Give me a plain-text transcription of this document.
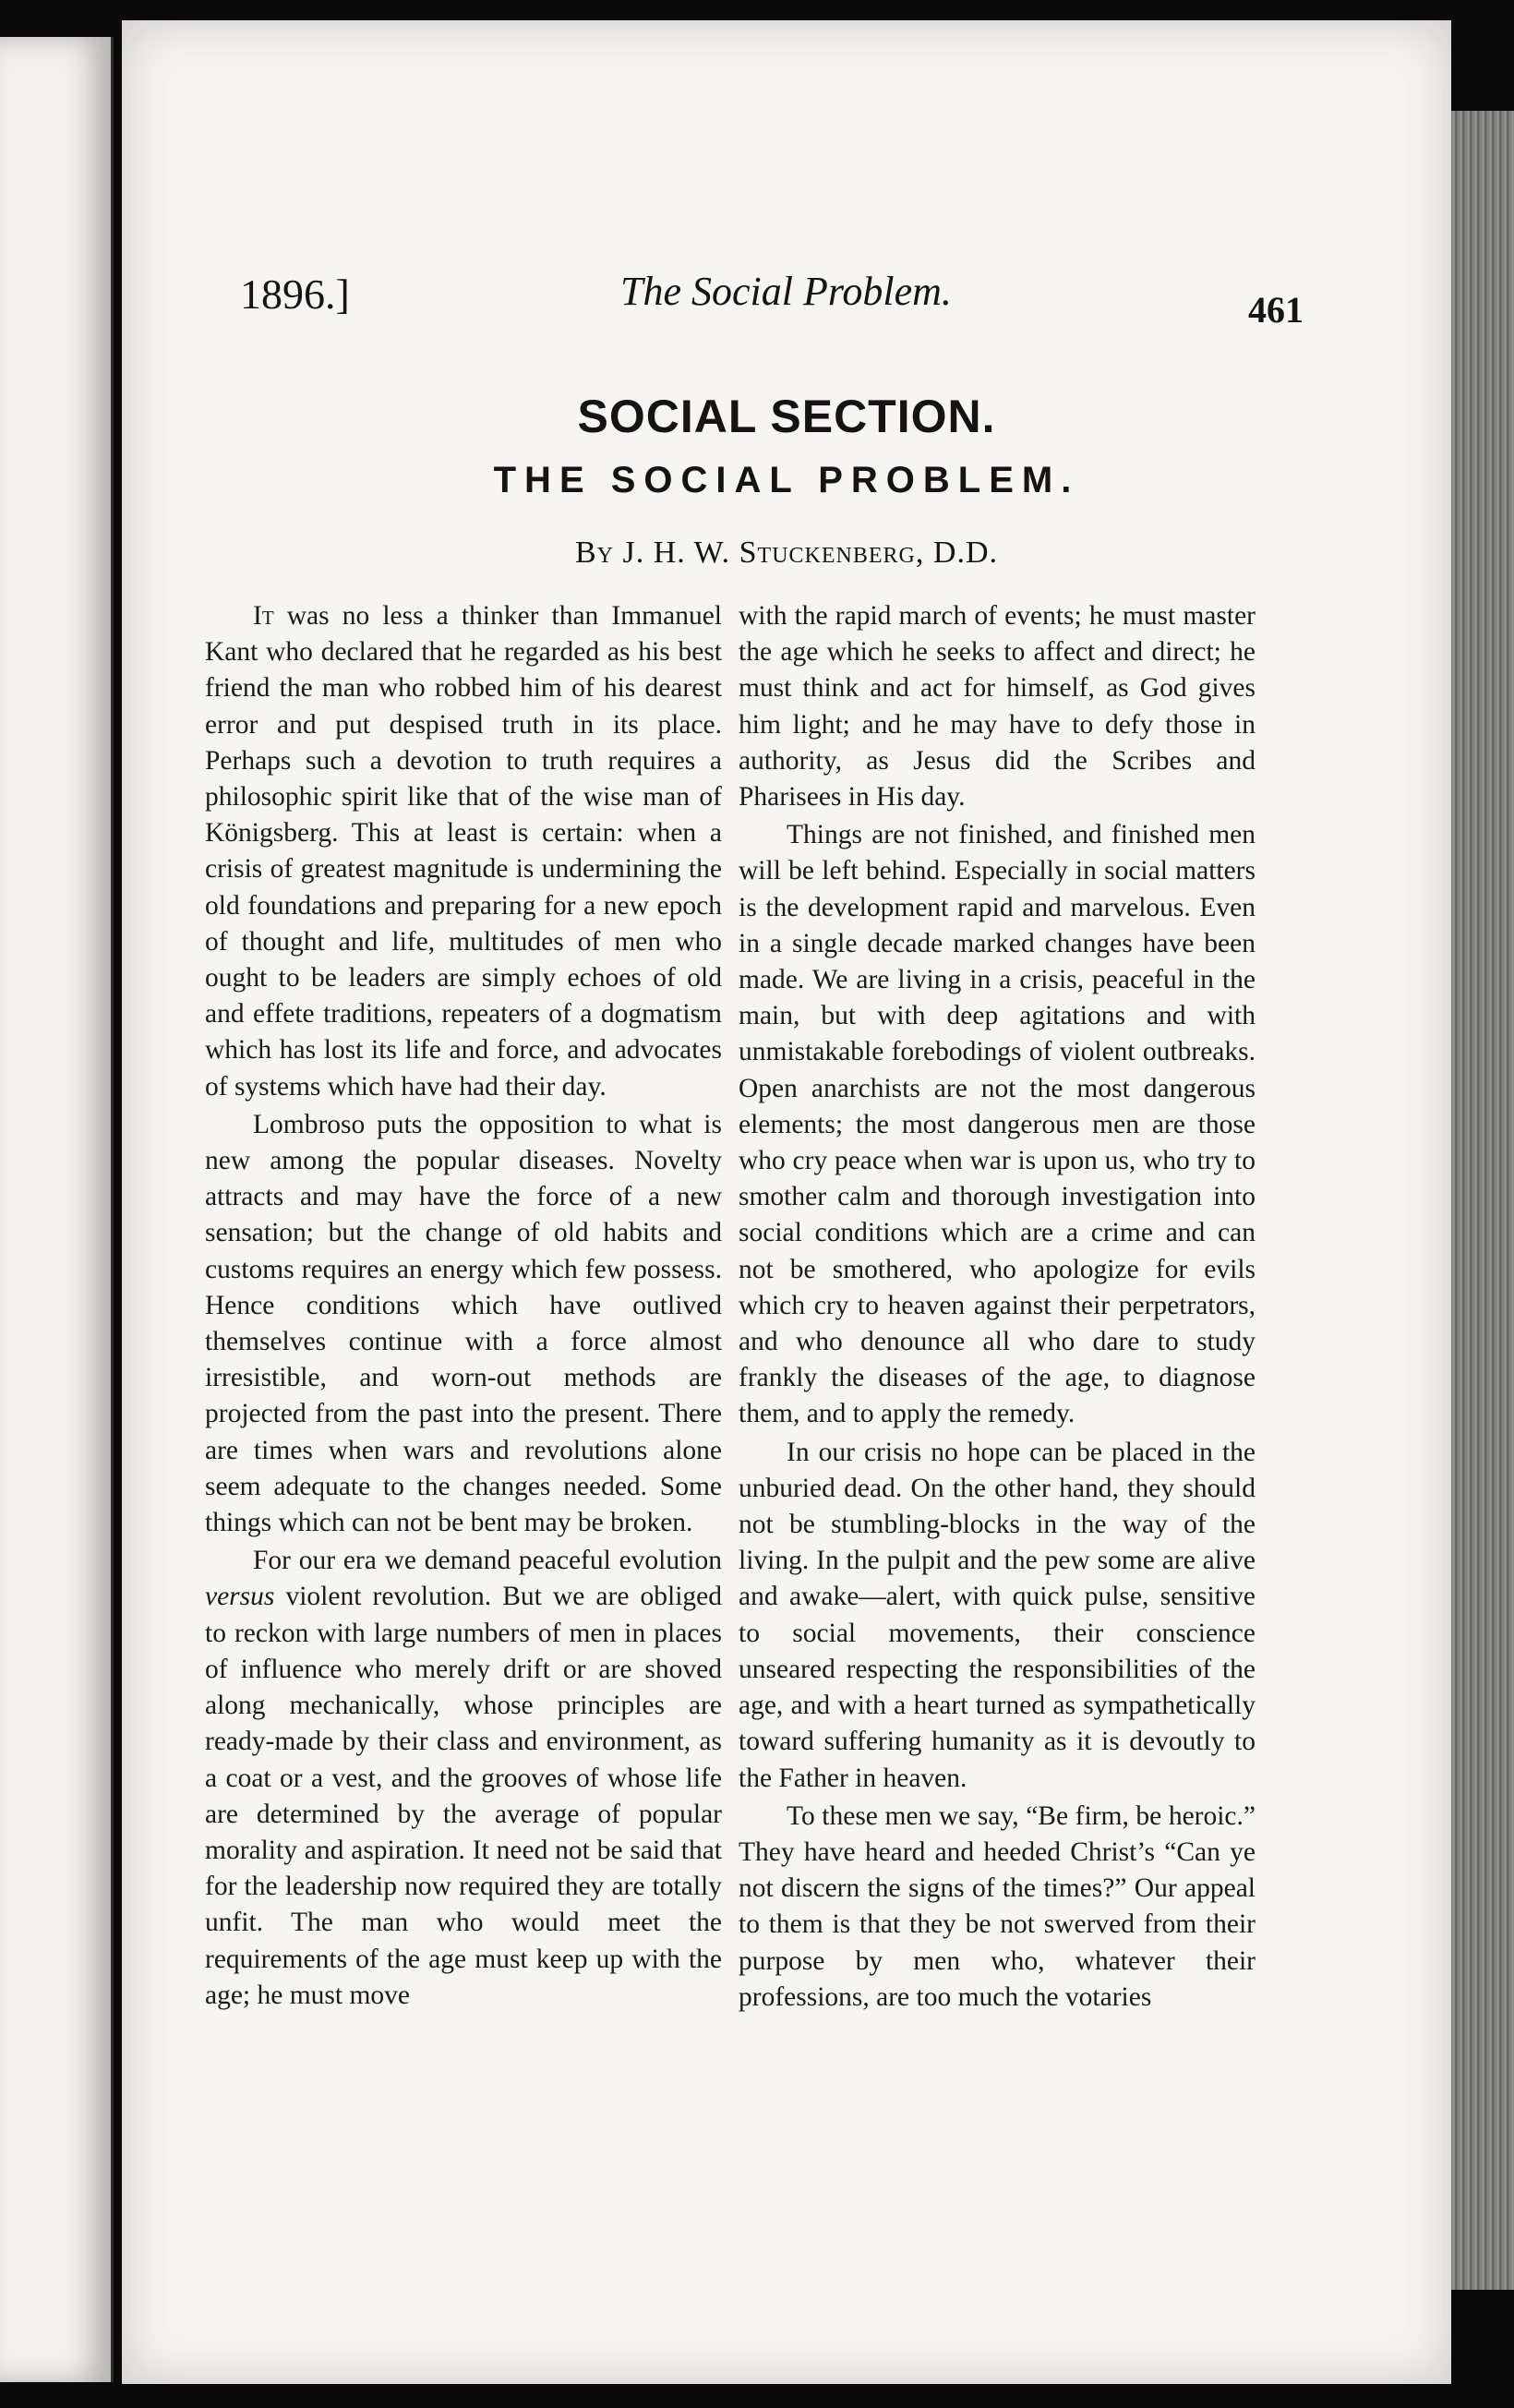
1896.]	The Social Problem.	461
SOCIAL SECTION.
THE SOCIAL PROBLEM.
By J. H. W. Stuckenberg, D.D.

It was no less a thinker than Immanuel Kant who declared that he regarded as his best friend the man who robbed him of his dearest error and put despised truth in its place. Perhaps such a devotion to truth requires a philosophic spirit like that of the wise man of Königsberg. This at least is certain: when a crisis of greatest magnitude is undermining the old foundations and preparing for a new epoch of thought and life, multitudes of men who ought to be leaders are simply echoes of old and effete traditions, repeaters of a dogmatism which has lost its life and force, and advocates of systems which have had their day.

Lombroso puts the opposition to what is new among the popular diseases. Novelty attracts and may have the force of a new sensation; but the change of old habits and customs requires an energy which few possess. Hence conditions which have outlived themselves continue with a force almost irresistible, and worn-out methods are projected from the past into the present. There are times when wars and revolutions alone seem adequate to the changes needed. Some things which can not be bent may be broken.

For our era we demand peaceful evolution versus violent revolution. But we are obliged to reckon with large numbers of men in places of influence who merely drift or are shoved along mechanically, whose principles are ready-made by their class and environment, as a coat or a vest, and the grooves of whose life are determined by the average of popular morality and aspiration. It need not be said that for the leadership now required they are totally unfit. The man who would meet the requirements of the age must keep up with the age; he must move

with the rapid march of events; he must master the age which he seeks to affect and direct; he must think and act for himself, as God gives him light; and he may have to defy those in authority, as Jesus did the Scribes and Pharisees in His day.

Things are not finished, and finished men will be left behind. Especially in social matters is the development rapid and marvelous. Even in a single decade marked changes have been made. We are living in a crisis, peaceful in the main, but with deep agitations and with unmistakable forebodings of violent outbreaks. Open anarchists are not the most dangerous elements; the most dangerous men are those who cry peace when war is upon us, who try to smother calm and thorough investigation into social conditions which are a crime and can not be smothered, who apologize for evils which cry to heaven against their perpetrators, and who denounce all who dare to study frankly the diseases of the age, to diagnose them, and to apply the remedy.

In our crisis no hope can be placed in the unburied dead. On the other hand, they should not be stumbling-blocks in the way of the living. In the pulpit and the pew some are alive and awake—alert, with quick pulse, sensitive to social movements, their conscience unseared respecting the responsibilities of the age, and with a heart turned as sympathetically toward suffering humanity as it is devoutly to the Father in heaven.

To these men we say, “Be firm, be heroic.” They have heard and heeded Christ’s “Can ye not discern the signs of the times?” Our appeal to them is that they be not swerved from their purpose by men who, whatever their professions, are too much the votaries
